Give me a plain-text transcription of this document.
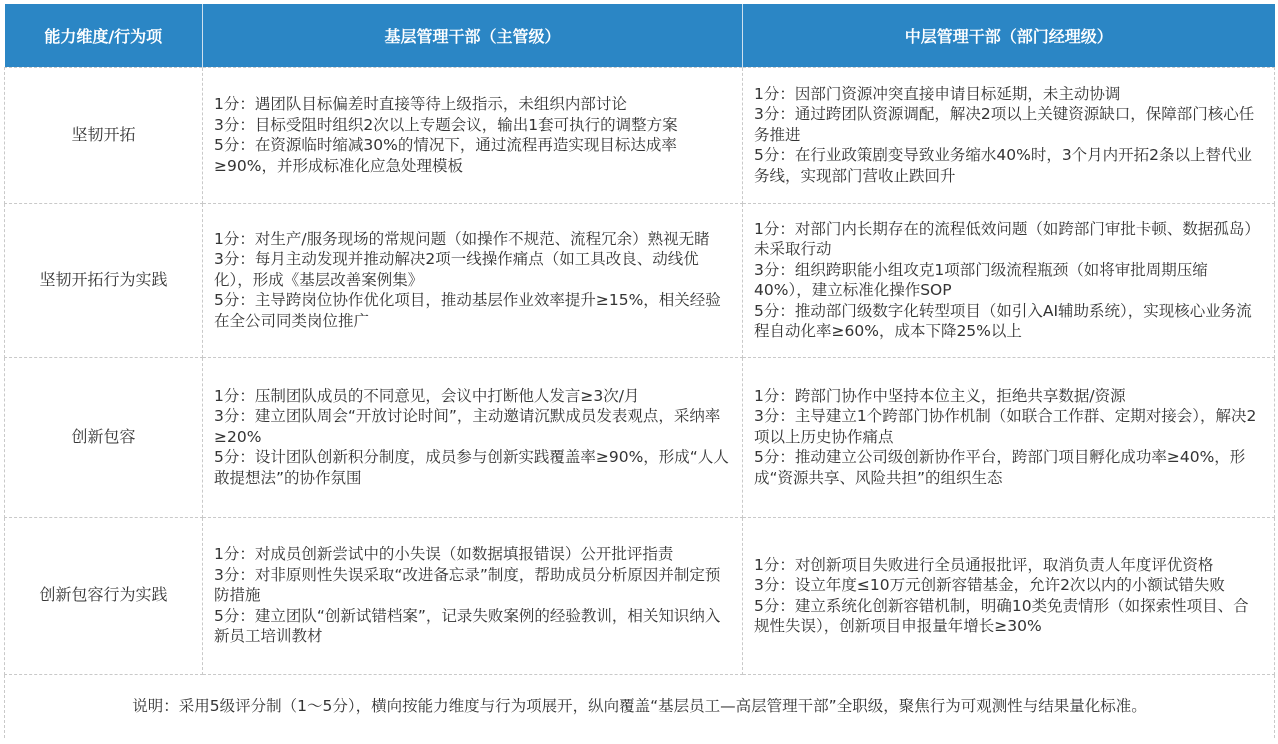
能力维度/行为项	基层管理干部（主管级）	中层管理干部（部门经理级）
坚韧开拓	1分：遇团队目标偏差时直接等待上级指示，未组织内部讨论
3分：目标受阻时组织2次以上专题会议，输出1套可执行的调整方案
5分：在资源临时缩减30%的情况下，通过流程再造实现目标达成率≥90%，并形成标准化应急处理模板	1分：因部门资源冲突直接申请目标延期，未主动协调
3分：通过跨团队资源调配，解决2项以上关键资源缺口，保障部门核心任务推进
5分：在行业政策剧变导致业务缩水40%时，3个月内开拓2条以上替代业务线，实现部门营收止跌回升

坚韧开拓行为实践	1分：对生产/服务现场的常规问题（如操作不规范、流程冗余）熟视无睹
3分：每月主动发现并推动解决2项一线操作痛点（如工具改良、动线优化），形成《基层改善案例集》
5分：主导跨岗位协作优化项目，推动基层作业效率提升≥15%，相关经验在全公司同类岗位推广	1分：对部门内长期存在的流程低效问题（如跨部门审批卡顿、数据孤岛）未采取行动
3分：组织跨职能小组攻克1项部门级流程瓶颈（如将审批周期压缩40%），建立标准化操作SOP
5分：推动部门级数字化转型项目（如引入AI辅助系统），实现核心业务流程自动化率≥60%，成本下降25%以上

创新包容	1分：压制团队成员的不同意见，会议中打断他人发言≥3次/月
3分：建立团队周会“开放讨论时间”，主动邀请沉默成员发表观点，采纳率≥20%
5分：设计团队创新积分制度，成员参与创新实践覆盖率≥90%，形成“人人敢提想法”的协作氛围	1分：跨部门协作中坚持本位主义，拒绝共享数据/资源
3分：主导建立1个跨部门协作机制（如联合工作群、定期对接会），解决2项以上历史协作痛点
5分：推动建立公司级创新协作平台，跨部门项目孵化成功率≥40%，形成“资源共享、风险共担”的组织生态

创新包容行为实践	1分：对成员创新尝试中的小失误（如数据填报错误）公开批评指责
3分：对非原则性失误采取“改进备忘录”制度，帮助成员分析原因并制定预防措施
5分：建立团队“创新试错档案”，记录失败案例的经验教训，相关知识纳入新员工培训教材	1分：对创新项目失败进行全员通报批评，取消负责人年度评优资格
3分：设立年度≤10万元创新容错基金，允许2次以内的小额试错失败
5分：建立系统化创新容错机制，明确10类免责情形（如探索性项目、合规性失误），创新项目申报量年增长≥30%

说明：采用5级评分制（1～5分），横向按能力维度与行为项展开，纵向覆盖“基层员工—高层管理干部”全职级，聚焦行为可观测性与结果量化标准。		
